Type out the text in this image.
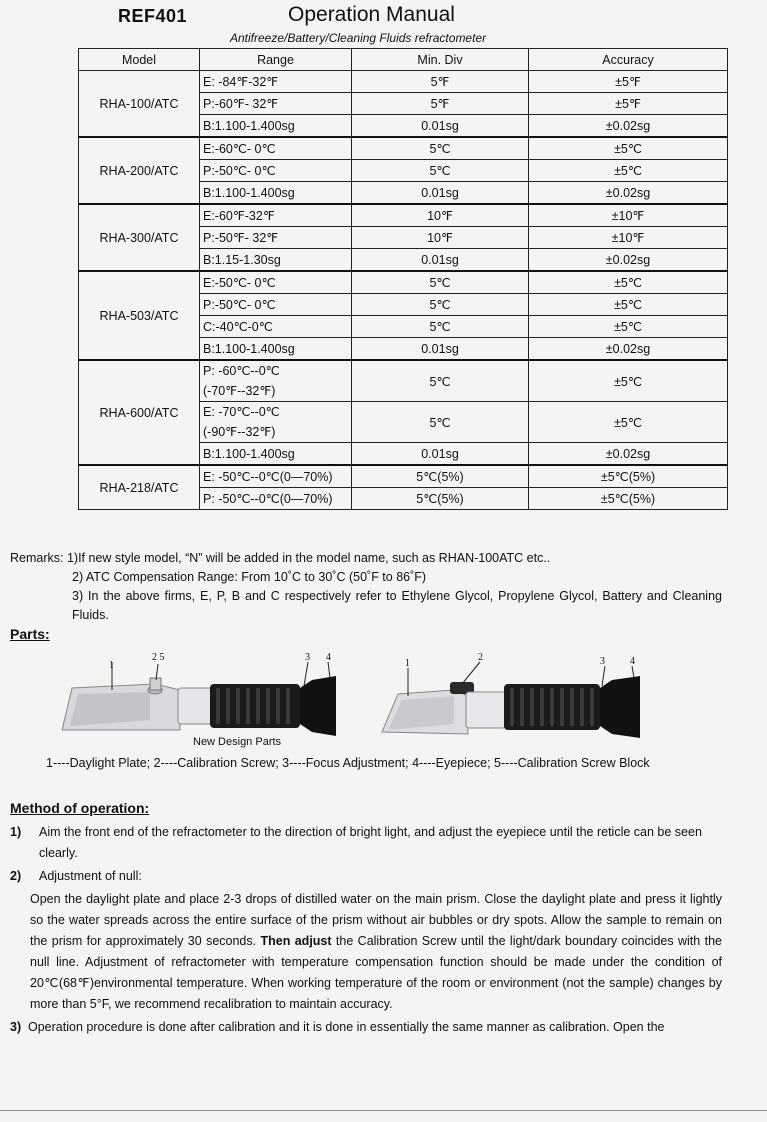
REF401	Operation Manual
Antifreeze/Battery/Cleaning Fluids refractometer
Model	Range	Min. Div	Accuracy
RHA-100/ATC	E: -84℉-32℉	5℉	±5℉
	P:-60℉- 32℉	5℉	±5℉
	B:1.100-1.400sg	0.01sg	±0.02sg
RHA-200/ATC	E:-60℃- 0℃	5℃	±5℃
	P:-50℃- 0℃	5℃	±5℃
	B:1.100-1.400sg	0.01sg	±0.02sg
RHA-300/ATC	E:-60℉-32℉	10℉	±10℉
	P:-50℉- 32℉	10℉	±10℉
	B:1.15-1.30sg	0.01sg	±0.02sg
RHA-503/ATC	E:-50℃- 0℃	5℃	±5℃
	P:-50℃- 0℃	5℃	±5℃
	C:-40℃-0℃	5℃	±5℃
	B:1.100-1.400sg	0.01sg	±0.02sg
RHA-600/ATC	P: -60℃--0℃
(-70℉--32℉)	5℃	±5℃

	E: -70℃--0℃
(-90℉--32℉)	5℃	±5℃
	B:1.100-1.400sg	0.01sg	±0.02sg
RHA-218/ATC	E: -50℃--0℃(0—70%)	5℃(5%)	±5℃(5%)
	P: -50℃--0℃(0—70%)	5℃(5%)	±5℃(5%)
Remarks: 1)If new style model, “N” will be added in the model name, such as RHAN-100ATC etc..
2) ATC Compensation Range: From 10˚C to 30˚C (50˚F to 86˚F)
3) In the above firms, E, P, B and C respectively refer to Ethylene Glycol, Propylene Glycol, Battery and Cleaning Fluids.
Parts:
1
2 5	3 4
1
2	3	4
New Design Parts
1----Daylight Plate; 2----Calibration Screw; 3----Focus Adjustment; 4----Eyepiece; 5----Calibration Screw Block
Method of operation:
1) Aim the front end of the refractometer to the direction of bright light, and adjust the eyepiece until the reticle can be seen clearly.
2) Adjustment of null:
Open the daylight plate and place 2-3 drops of distilled water on the main prism. Close the daylight plate and press it lightly so the water spreads across the entire surface of the prism without air bubbles or dry spots. Allow the sample to remain on the prism for approximately 30 seconds. Then adjust the Calibration Screw until the light/dark boundary coincides with the null line. Adjustment of refractometer with temperature compensation function should be made under the condition of 20℃(68℉)environmental temperature. When working temperature of the room or environment (not the sample) changes by more than 5°F, we recommend recalibration to maintain accuracy.
3) Operation procedure is done after calibration and it is done in essentially the same manner as calibration. Open the
